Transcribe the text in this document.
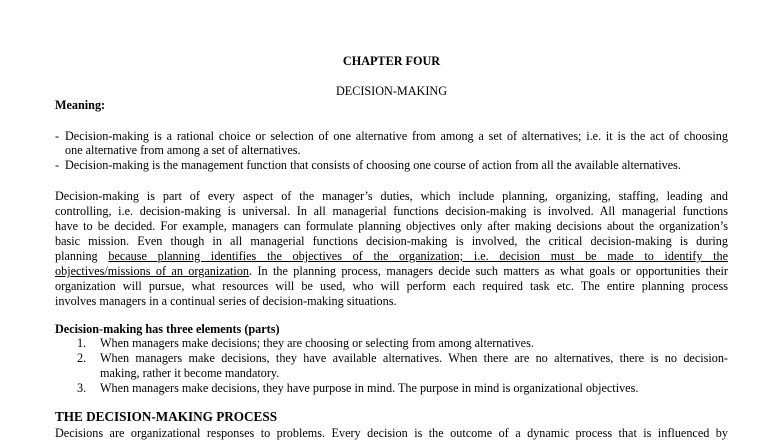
CHAPTER FOUR
DECISION-MAKING
Meaning:
- Decision-making is a rational choice or selection of one alternative from among a set of alternatives; i.e. it is the act of choosing
one alternative from among a set of alternatives.
- Decision-making is the management function that consists of choosing one course of action from all the available alternatives.
Decision-making is part of every aspect of the manager’s duties, which include planning, organizing, staffing, leading and
controlling, i.e. decision-making is universal. In all managerial functions decision-making is involved. All managerial functions
have to be decided. For example, managers can formulate planning objectives only after making decisions about the organization’s
basic mission. Even though in all managerial functions decision-making is involved, the critical decision-making is during
planning because planning identifies the objectives of the organization; i.e. decision must be made to identify the
objectives/missions of an organization. In the planning process, managers decide such matters as what goals or opportunities their
organization will pursue, what resources will be used, who will perform each required task etc. The entire planning process
involves managers in a continual series of decision-making situations.
Decision-making has three elements (parts)
1.	When managers make decisions; they are choosing or selecting from among alternatives.
2.	When managers make decisions, they have available alternatives. When there are no alternatives, there is no decision-
making, rather it become mandatory.
3.	When managers make decisions, they have purpose in mind. The purpose in mind is organizational objectives.
THE DECISION-MAKING PROCESS
Decisions are organizational responses to problems. Every decision is the outcome of a dynamic process that is influenced by
